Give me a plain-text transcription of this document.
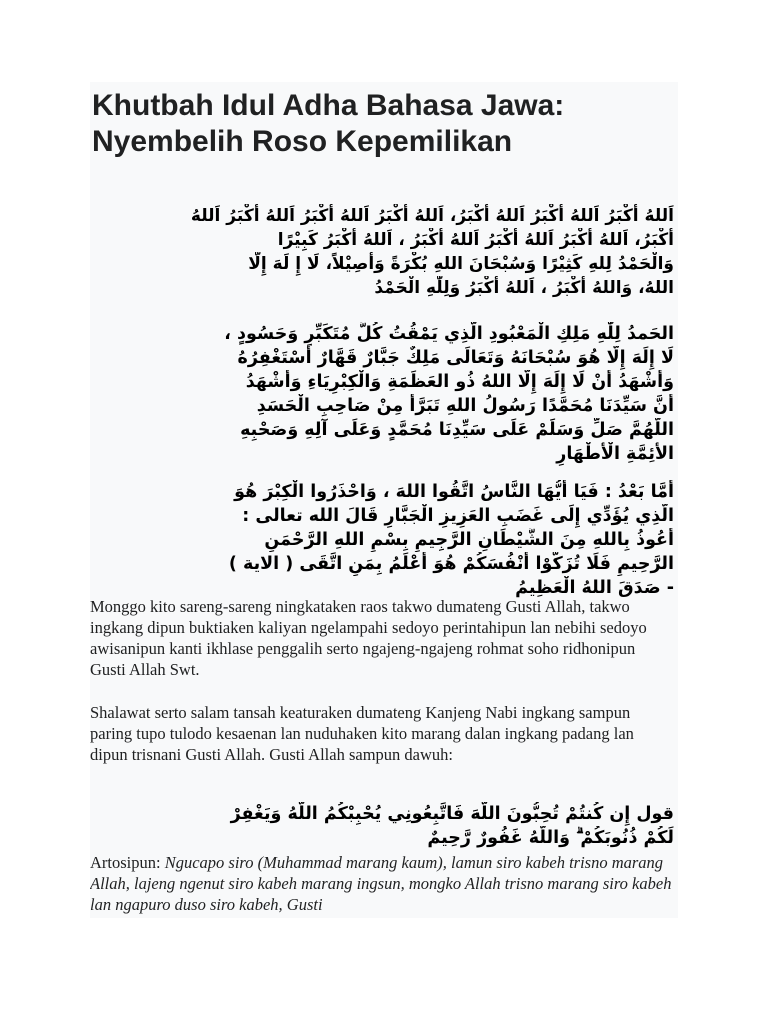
Khutbah Idul Adha Bahasa Jawa:
Nyembelih Roso Kepemilikan
اَللهُ أَكْبَرُ اَللهُ أَكْبَرُ اَللهُ أَكْبَرُ، اَللهُ أَكْبَرُ اَللهُ أَكْبَرُ اَللهُ أَكْبَرُ اَللهُ
أَكْبَرُ، اَللهُ أَكْبَرُ اَللهُ أَكْبَرُ اَللهُ أَكْبَرُ ، اَللهُ أَكْبَرُ كَبِيْرًا
وَالْحَمْدُ لِلهِ كَثِيْرًا وَسُبْحَانَ اللهِ بُكْرَةً وَأَصِيْلاً، لَا إِ لَهَ إِلَّا
اللهُ، وَاللهُ أَكْبَرُ ، اَللهُ أَكْبَرُ وَلِلّٰهِ الْحَمْدُ
الحَمدُ لِلّٰهِ مَلِكِ الْمَعْبُودِ الَّذِي يَمْقُتُ كُلَّ مُتَكَبِّرٍ وَحَسُودٍ ،
لَا إِلَهَ إِلَّا هُوَ سُبْحَانَهُ وَتَعَالَى مَلِكٌ جَبَّارٌ قَهَّارٌ أَسْتَغْفِرُهُ
وَأَشْهَدُ أَنْ لَا إِلَهَ إِلَّا اللهُ ذُو العَظَمَةِ وَالْكِبْرِيَاءِ وَأَشْهَدُ
أَنَّ سَيِّدَنَا مُحَمَّدًا رَسُولُ اللهِ تَبَرَّأَ مِنْ صَاحِبِ الْحَسَدِ
اللَّهُمَّ صَلِّ وَسَلِّمْ عَلَى سَيِّدِنَا مُحَمَّدٍ وَعَلَى آلِهِ وَصَحْبِهِ
الأَئِمَّةِ الْأَطْهَارِ
أَمَّا بَعْدُ : فَيَا أَيُّهَا النَّاسُ اتَّقُوا اللهَ ، وَاحْذَرُوا الْكِبْرَ هُوَ
الَّذِي يُؤَدِّي إِلَى غَضَبِ العَزِيزِ الْجَبَّارِ قَالَ الله تعالى :
أَعُوذُ بِاللهِ مِنَ الشَّيْطَانِ الرَّجِيمِ بِسْمِ اللهِ الرَّحْمَنِ
الرَّحِيمِ فَلَا تُزَكُّوْا أَنْفُسَكُمْ هُوَ أَعْلَمُ بِمَنِ اتَّقَى ( الاية )
- صَدَقَ اللهُ الْعَظِيمُ

Monggo kito sareng-sareng ningkataken raos takwo dumateng Gusti Allah, takwo ingkang dipun buktiaken kaliyan ngelampahi sedoyo perintahipun lan nebihi sedoyo awisanipun kanti ikhlase penggalih serto ngajeng-ngajeng rohmat soho ridhonipun Gusti Allah Swt.

Shalawat serto salam tansah keaturaken dumateng Kanjeng Nabi ingkang sampun paring tupo tulodo kesaenan lan nuduhaken kito marang dalan ingkang padang lan dipun trisnani Gusti Allah. Gusti Allah sampun dawuh:

قول إِن كُنتُمْ تُحِبُّونَ اللَّهَ فَاتَّبِعُونِي يُحْبِبْكُمُ اللَّهُ وَيَغْفِرْ
لَكُمْ ذُنُوبَكُمْ ۗ وَاللَّهُ غَفُورٌ رَّحِيمٌ

Artosipun: Ngucapo siro (Muhammad marang kaum), lamun siro kabeh trisno marang Allah, lajeng ngenut siro kabeh marang ingsun, mongko Allah trisno marang siro kabeh lan ngapuro duso siro kabeh, Gusti
